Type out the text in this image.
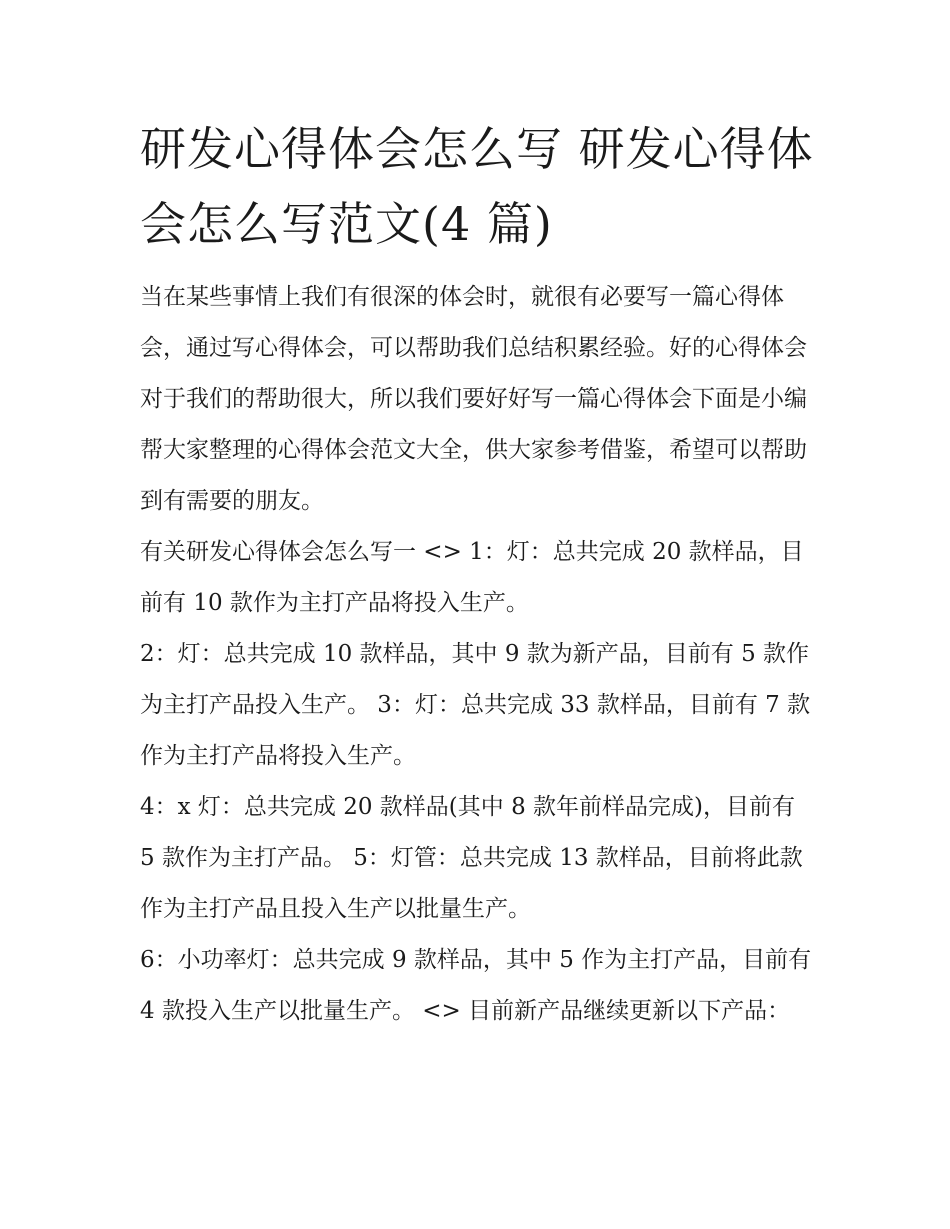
研发心得体会怎么写 研发心得体会怎么写范文(4 篇)

当在某些事情上我们有很深的体会时，就很有必要写一篇心得体会，通过写心得体会，可以帮助我们总结积累经验。好的心得体会对于我们的帮助很大，所以我们要好好写一篇心得体会下面是小编帮大家整理的心得体会范文大全，供大家参考借鉴，希望可以帮助到有需要的朋友。

有关研发心得体会怎么写一 <> 1：灯：总共完成 20 款样品，目前有 10 款作为主打产品将投入生产。

2：灯：总共完成 10 款样品，其中 9 款为新产品，目前有 5 款作为主打产品投入生产。 3：灯：总共完成 33 款样品，目前有 7 款作为主打产品将投入生产。

4：x 灯：总共完成 20 款样品(其中 8 款年前样品完成)，目前有 5 款作为主打产品。 5：灯管：总共完成 13 款样品，目前将此款作为主打产品且投入生产以批量生产。

6：小功率灯：总共完成 9 款样品，其中 5 作为主打产品，目前有 4 款投入生产以批量生产。 <> 目前新产品继续更新以下产品：
